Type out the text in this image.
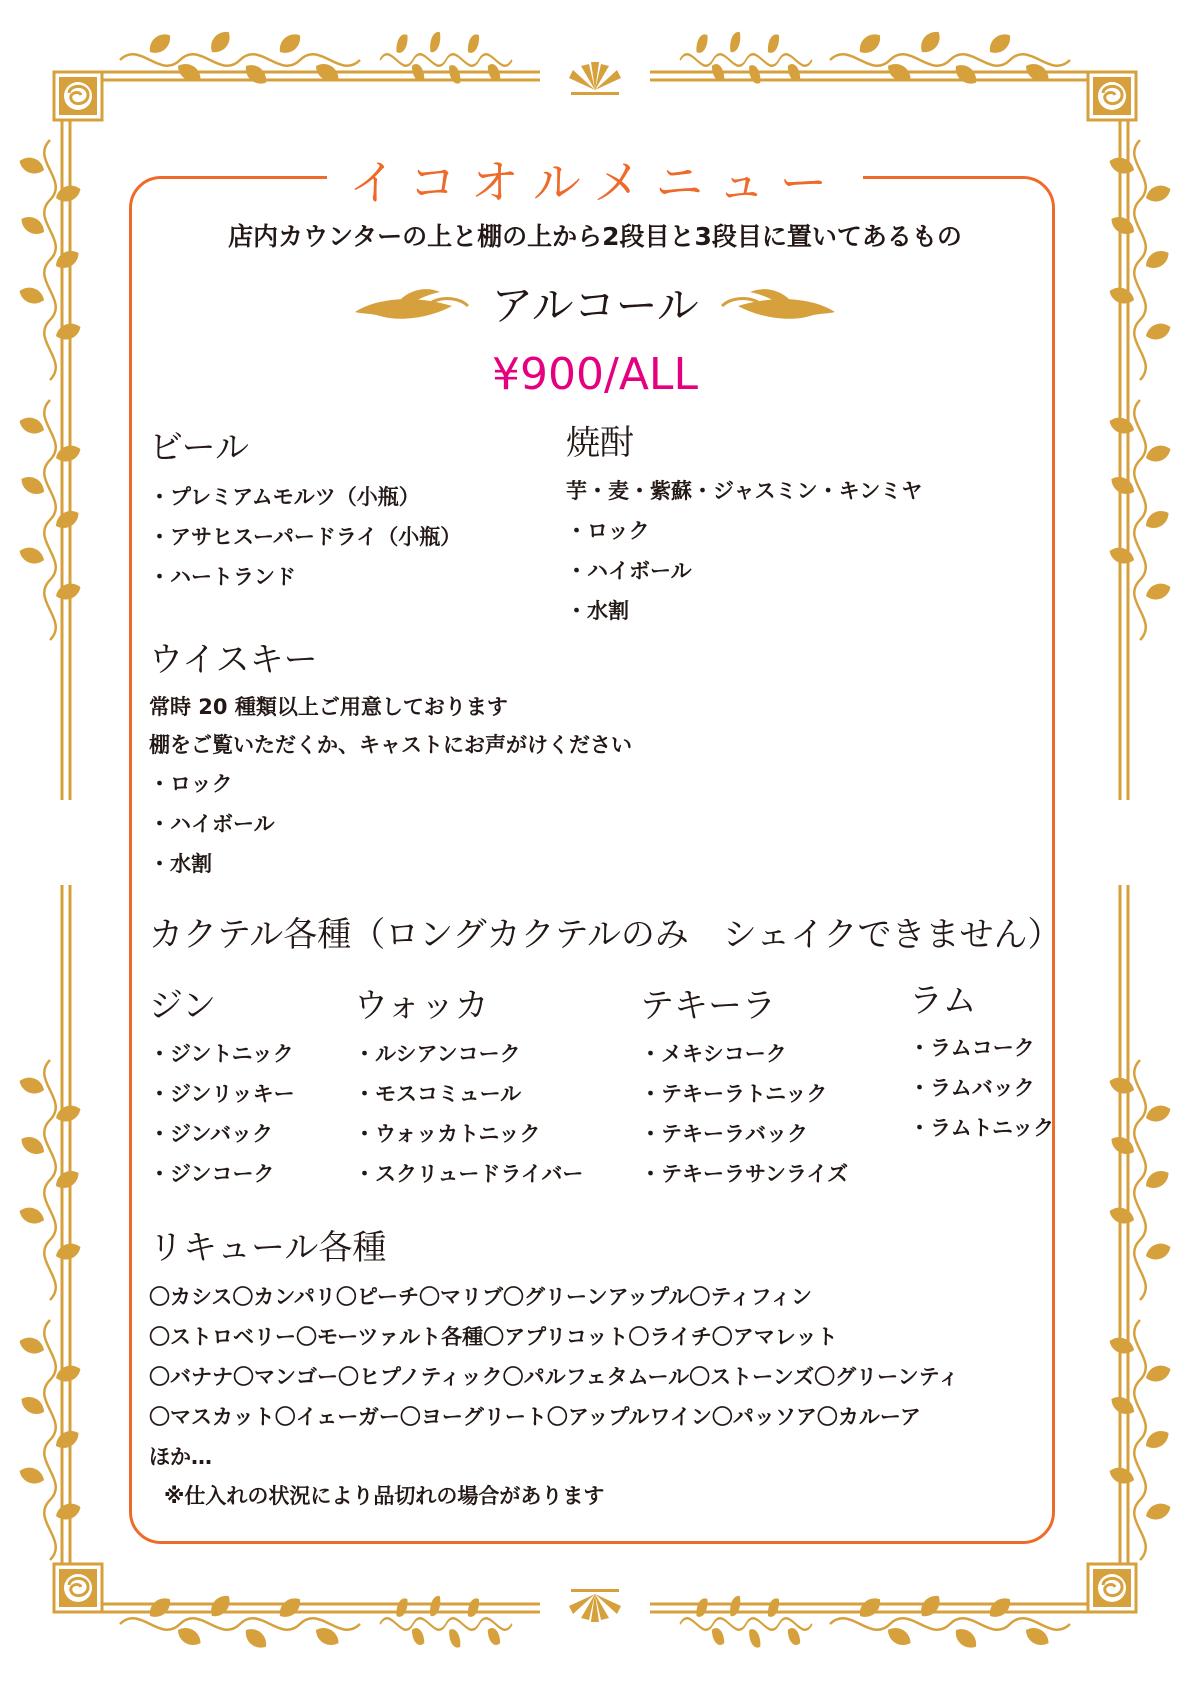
イコオルメニュー
店内カウンターの上と棚の上から2段目と3段目に置いてあるもの
アルコール
¥900/ALL
ビール
・プレミアムモルツ（小瓶）
・アサヒスーパードライ（小瓶）
・ハートランド
焼酎
芋・麦・紫蘇・ジャスミン・キンミヤ
・ロック
・ハイボール
・水割
ウイスキー
常時 20 種類以上ご用意しております
棚をご覧いただくか、キャストにお声がけください
・ロック
・ハイボール
・水割
カクテル各種（ロングカクテルのみ　シェイクできません）
ジン
・ジントニック
・ジンリッキー
・ジンバック
・ジンコーク
ウォッカ
・ルシアンコーク
・モスコミュール
・ウォッカトニック
・スクリュードライバー
テキーラ
・メキシコーク
・テキーラトニック
・テキーラバック
・テキーラサンライズ
ラム
・ラムコーク
・ラムバック
・ラムトニック
リキュール各種
〇カシス〇カンパリ〇ピーチ〇マリブ〇グリーンアップル〇ティフィン
〇ストロベリー〇モーツァルト各種〇アプリコット〇ライチ〇アマレット
〇バナナ〇マンゴー〇ヒプノティック〇パルフェタムール〇ストーンズ〇グリーンティ
〇マスカット〇イェーガー〇ヨーグリート〇アップルワイン〇パッソア〇カルーア
ほか…
※仕入れの状況により品切れの場合があります
